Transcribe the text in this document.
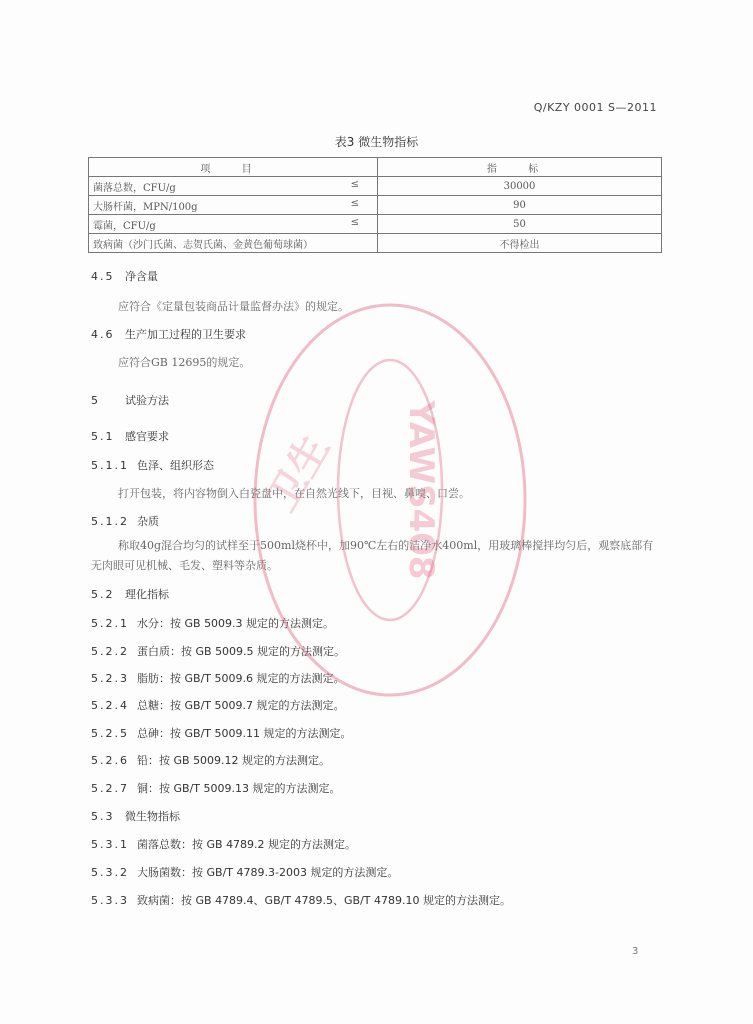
Q/KZY 0001 S—2011
表3 微生物指标
项 目	指 标
菌落总数，CFU/g ≤	30000
大肠杆菌，MPN/100g ≤	90
霉菌，CFU/g ≤	50
致病菌（沙门氏菌、志贺氏菌、金黄色葡萄球菌）	不得检出
4.5 净含量
应符合《定量包装商品计量监督办法》的规定。
4.6 生产加工过程的卫生要求
应符合GB 12695的规定。
5 试验方法
5.1 感官要求
5.1.1 色泽、组织形态
打开包装，将内容物倒入白瓷盘中，在自然光线下，目视、鼻嗅、口尝。
5.1.2 杂质
称取40g混合均匀的试样至于500ml烧杯中，加90℃左右的洁净水400ml，用玻璃棒搅拌均匀后，观察底部有无肉眼可见机械、毛发、塑料等杂质。
5.2 理化指标
5.2.1 水分：按 GB 5009.3 规定的方法测定。
5.2.2 蛋白质：按 GB 5009.5 规定的方法测定。
5.2.3 脂肪：按 GB/T 5009.6 规定的方法测定。
5.2.4 总糖：按 GB/T 5009.7 规定的方法测定。
5.2.5 总砷：按 GB/T 5009.11 规定的方法测定。
5.2.6 铅：按 GB 5009.12 规定的方法测定。
5.2.7 铜：按 GB/T 5009.13 规定的方法测定。
5.3 微生物指标
5.3.1 菌落总数：按 GB 4789.2 规定的方法测定。
5.3.2 大肠菌数：按 GB/T 4789.3-2003 规定的方法测定。
5.3.3 致病菌：按 GB 4789.4、GB/T 4789.5、GB/T 4789.10 规定的方法测定。
YAWS408
卫生
3
